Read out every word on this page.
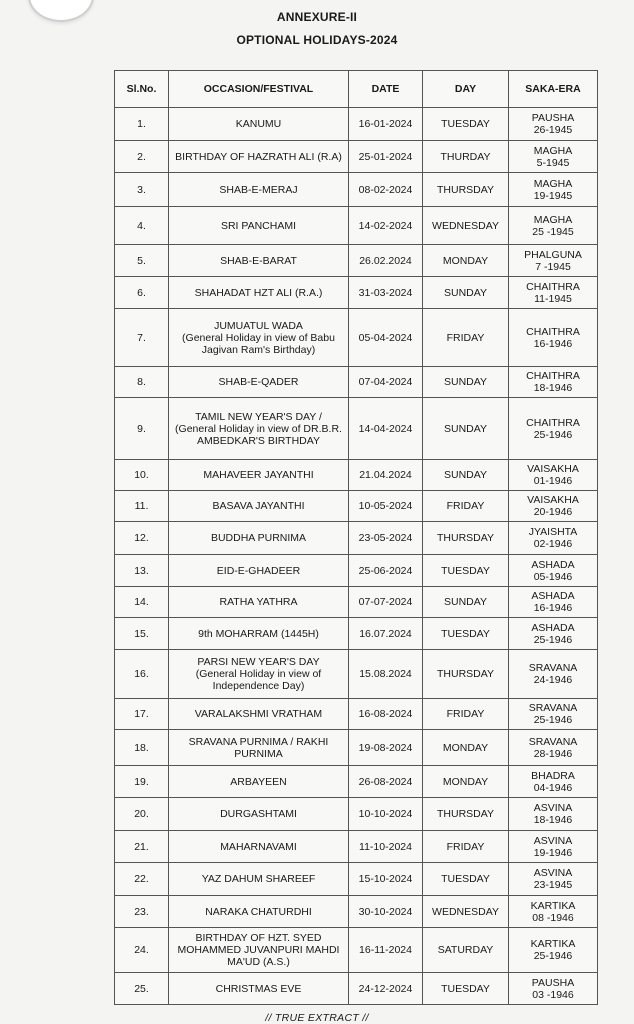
ANNEXURE-II
OPTIONAL HOLIDAYS-2024
Sl.No.	OCCASION/FESTIVAL	DATE	DAY	SAKA-ERA
1.	KANUMU	16-01-2024	TUESDAY	PAUSHA
26-1945
2.	BIRTHDAY OF HAZRATH ALI (R.A)	25-01-2024	THURDAY	MAGHA
5-1945
3.	SHAB-E-MERAJ	08-02-2024	THURSDAY	MAGHA
19-1945
4.	SRI PANCHAMI	14-02-2024	WEDNESDAY	MAGHA
25 -1945
5.	SHAB-E-BARAT	26.02.2024	MONDAY	PHALGUNA
7 -1945
6.	SHAHADAT HZT ALI (R.A.)	31-03-2024	SUNDAY	CHAITHRA
11-1945
7.	JUMUATUL WADA
(General Holiday in view of Babu
Jagivan Ram's Birthday)	05-04-2024	FRIDAY	CHAITHRA
16-1946
8.	SHAB-E-QADER	07-04-2024	SUNDAY	CHAITHRA
18-1946
9.	TAMIL NEW YEAR'S DAY /
(General Holiday in view of DR.B.R.
AMBEDKAR'S BIRTHDAY	14-04-2024	SUNDAY	CHAITHRA
25-1946
10.	MAHAVEER JAYANTHI	21.04.2024	SUNDAY	VAISAKHA
01-1946
11.	BASAVA JAYANTHI	10-05-2024	FRIDAY	VAISAKHA
20-1946
12.	BUDDHA PURNIMA	23-05-2024	THURSDAY	JYAISHTA
02-1946
13.	EID-E-GHADEER	25-06-2024	TUESDAY	ASHADA
05-1946
14.	RATHA YATHRA	07-07-2024	SUNDAY	ASHADA
16-1946
15.	9th MOHARRAM (1445H)	16.07.2024	TUESDAY	ASHADA
25-1946
16.	PARSI NEW YEAR'S DAY
(General Holiday in view of
Independence Day)	15.08.2024	THURSDAY	SRAVANA
24-1946
17.	VARALAKSHMI VRATHAM	16-08-2024	FRIDAY	SRAVANA
25-1946
18.	SRAVANA PURNIMA / RAKHI
PURNIMA	19-08-2024	MONDAY	SRAVANA
28-1946
19.	ARBAYEEN	26-08-2024	MONDAY	BHADRA
04-1946
20.	DURGASHTAMI	10-10-2024	THURSDAY	ASVINA
18-1946
21.	MAHARNAVAMI	11-10-2024	FRIDAY	ASVINA
19-1946
22.	YAZ DAHUM SHAREEF	15-10-2024	TUESDAY	ASVINA
23-1945
23.	NARAKA CHATURDHI	30-10-2024	WEDNESDAY	KARTIKA
08 -1946
24.	BIRTHDAY OF HZT. SYED
MOHAMMED JUVANPURI MAHDI
MA'UD (A.S.)	16-11-2024	SATURDAY	KARTIKA
25-1946
25.	CHRISTMAS EVE	24-12-2024	TUESDAY	PAUSHA
03 -1946
// TRUE EXTRACT //
